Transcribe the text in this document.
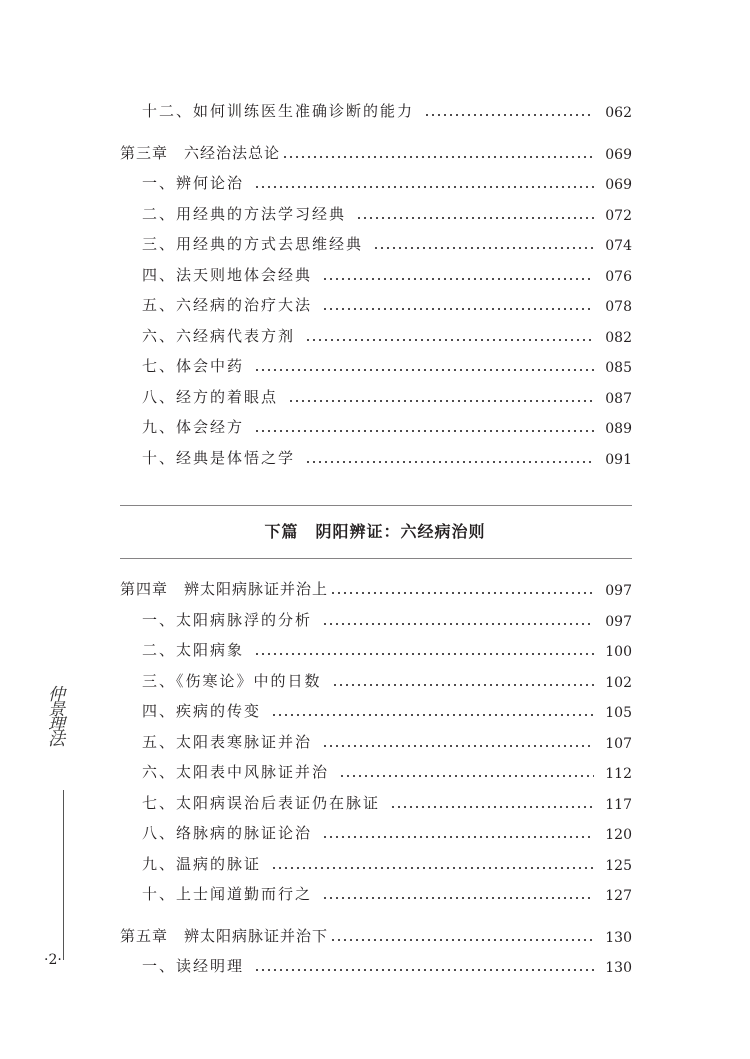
十二、如何训练医生准确诊断的能力	062
第三章　六经治法总论	069
一、辨何论治	069
二、用经典的方法学习经典	072
三、用经典的方式去思维经典	074
四、法天则地体会经典	076
五、六经病的治疗大法	078
六、六经病代表方剂	082
七、体会中药	085
八、经方的着眼点	087
九、体会经方	089
十、经典是体悟之学	091
第四章　辨太阳病脉证并治上	097
一、太阳病脉浮的分析	097
二、太阳病象	100
三、《伤寒论》中的日数	102
四、疾病的传变	105
五、太阳表寒脉证并治	107
六、太阳表中风脉证并治	112
七、太阳病误治后表证仍在脉证	117
八、络脉病的脉证论治	120
九、温病的脉证	125
十、上士闻道勤而行之	127
第五章　辨太阳病脉证并治下	130
一、读经明理	130
下篇　阴阳辨证：六经病治则
仲景理法
·2·
